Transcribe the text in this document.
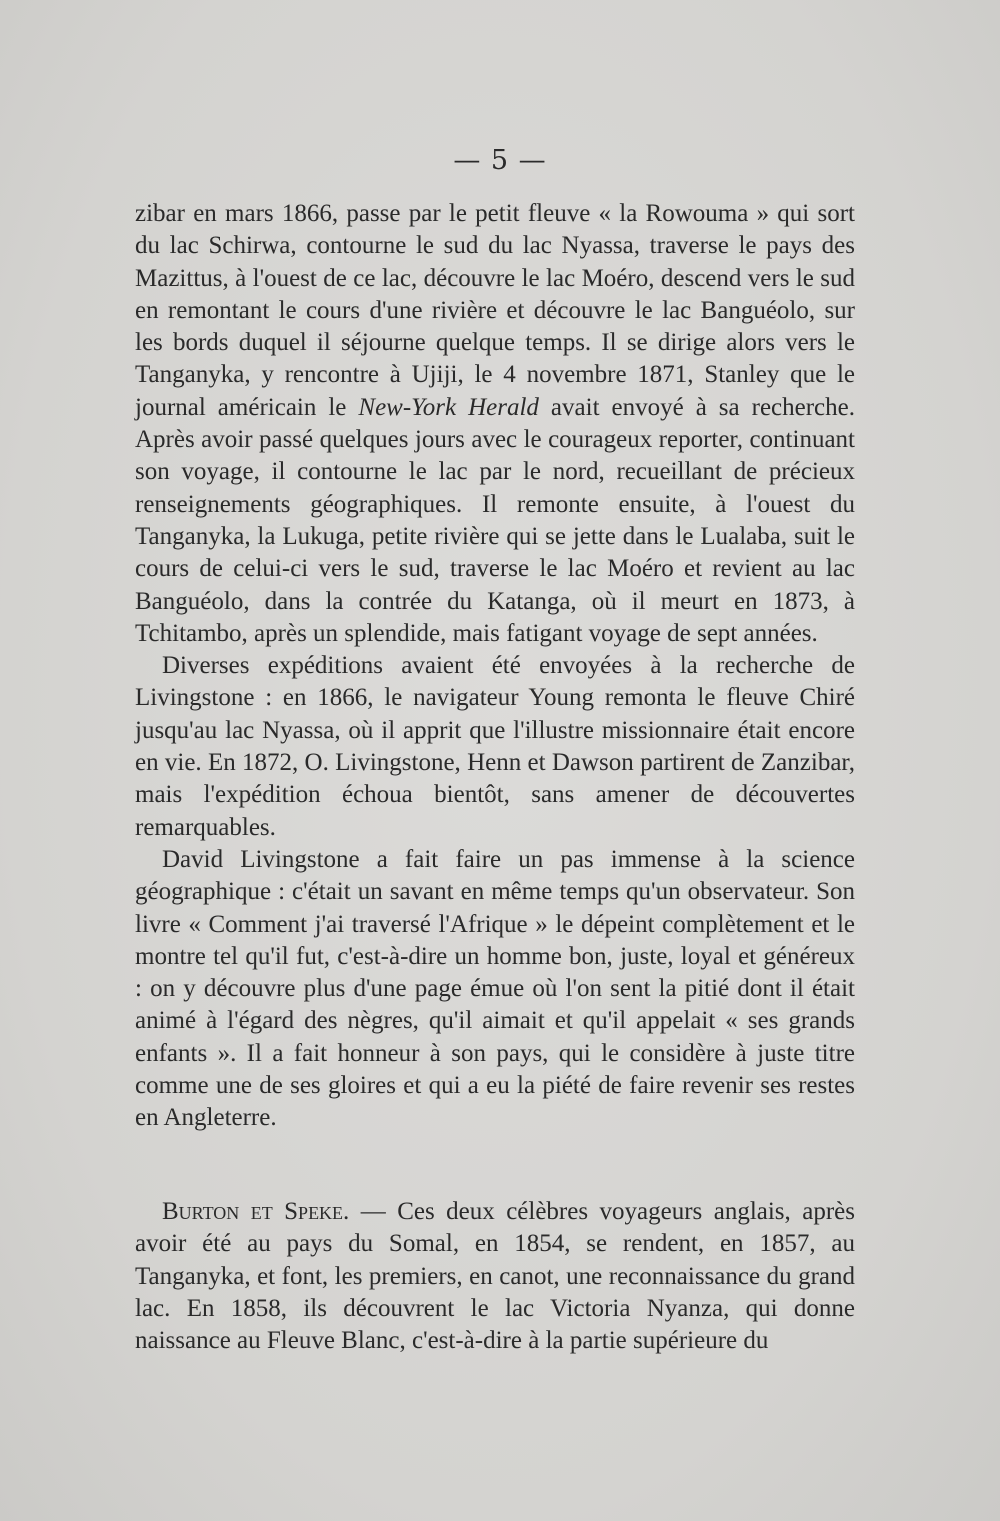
— 5 —

zibar en mars 1866, passe par le petit fleuve « la Rowouma » qui sort du lac Schirwa, contourne le sud du lac Nyassa, traverse le pays des Mazittus, à l'ouest de ce lac, découvre le lac Moéro, descend vers le sud en remontant le cours d'une rivière et découvre le lac Banguéolo, sur les bords duquel il séjourne quelque temps. Il se dirige alors vers le Tanganyka, y rencontre à Ujiji, le 4 novembre 1871, Stanley que le journal américain le New-York Herald avait envoyé à sa recherche. Après avoir passé quelques jours avec le courageux reporter, continuant son voyage, il contourne le lac par le nord, recueillant de précieux renseignements géographiques. Il remonte ensuite, à l'ouest du Tanganyka, la Lukuga, petite rivière qui se jette dans le Lualaba, suit le cours de celui-ci vers le sud, traverse le lac Moéro et revient au lac Banguéolo, dans la contrée du Katanga, où il meurt en 1873, à Tchitambo, après un splendide, mais fatigant voyage de sept années.

Diverses expéditions avaient été envoyées à la recherche de Livingstone : en 1866, le navigateur Young remonta le fleuve Chiré jusqu'au lac Nyassa, où il apprit que l'illustre missionnaire était encore en vie. En 1872, O. Livingstone, Henn et Dawson partirent de Zanzibar, mais l'expédition échoua bientôt, sans amener de découvertes remarquables.

David Livingstone a fait faire un pas immense à la science géographique : c'était un savant en même temps qu'un observateur. Son livre « Comment j'ai traversé l'Afrique » le dépeint complètement et le montre tel qu'il fut, c'est-à-dire un homme bon, juste, loyal et généreux : on y découvre plus d'une page émue où l'on sent la pitié dont il était animé à l'égard des nègres, qu'il aimait et qu'il appelait « ses grands enfants ». Il a fait honneur à son pays, qui le considère à juste titre comme une de ses gloires et qui a eu la piété de faire revenir ses restes en Angleterre.

Burton et Speke. — Ces deux célèbres voyageurs anglais, après avoir été au pays du Somal, en 1854, se rendent, en 1857, au Tanganyka, et font, les premiers, en canot, une reconnaissance du grand lac. En 1858, ils découvrent le lac Victoria Nyanza, qui donne naissance au Fleuve Blanc, c'est-à-dire à la partie supérieure du
